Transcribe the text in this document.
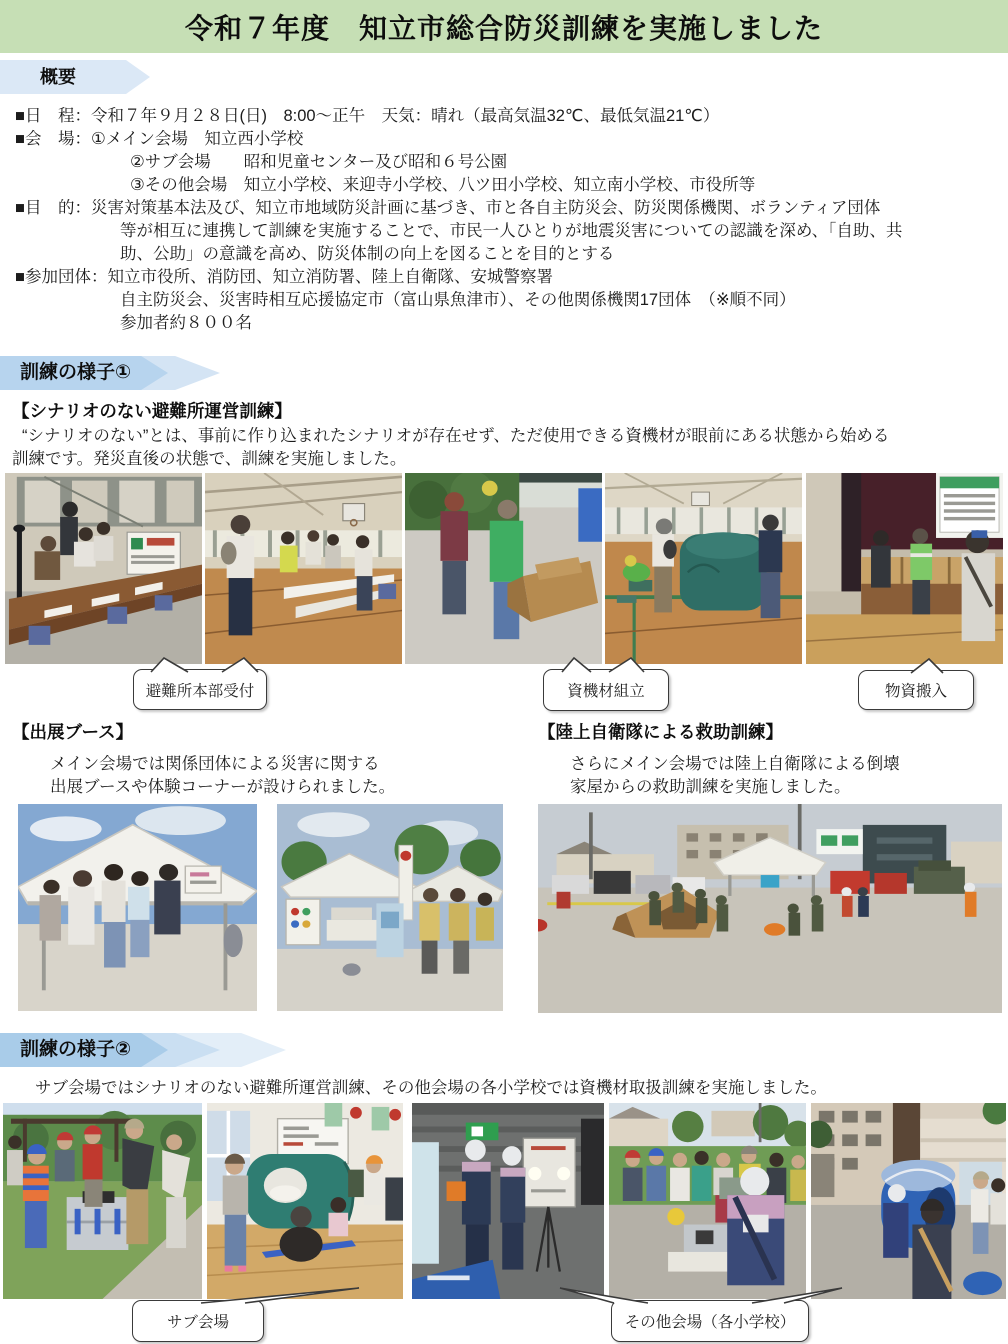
令和７年度　知立市総合防災訓練を実施しました
概要
■日　程：令和７年９月２８日(日)　8:00～正午　天気：晴れ（最高気温32℃、最低気温21℃）
■会　場：①メイン会場　知立西小学校
②サブ会場　　昭和児童センター及び昭和６号公園
③その他会場　知立小学校、来迎寺小学校、八ツ田小学校、知立南小学校、市役所等
■目　的：災害対策基本法及び、知立市地域防災計画に基づき、市と各自主防災会、防災関係機関、ボランティア団体
等が相互に連携して訓練を実施することで、市民一人ひとりが地震災害についての認識を深め、「自助、共
助、公助」の意識を高め、防災体制の向上を図ることを目的とする
■参加団体：知立市役所、消防団、知立消防署、陸上自衛隊、安城警察署
自主防災会、災害時相互応援協定市（富山県魚津市）、その他関係機関17団体　（※順不同）
参加者約８００名
訓練の様子①
【シナリオのない避難所運営訓練】
“シナリオのない”とは、事前に作り込まれたシナリオが存在せず、ただ使用できる資機材が眼前にある状態から始める
訓練です。発災直後の状態で、訓練を実施しました。
避難所本部受付	資機材組立	物資搬入
【出展ブース】
メイン会場では関係団体による災害に関する
出展ブースや体験コーナーが設けられました。
【陸上自衛隊による救助訓練】
さらにメイン会場では陸上自衛隊による倒壊
家屋からの救助訓練を実施しました。
訓練の様子②
サブ会場ではシナリオのない避難所運営訓練、その他会場の各小学校では資機材取扱訓練を実施しました。
サブ会場	その他会場（各小学校）
